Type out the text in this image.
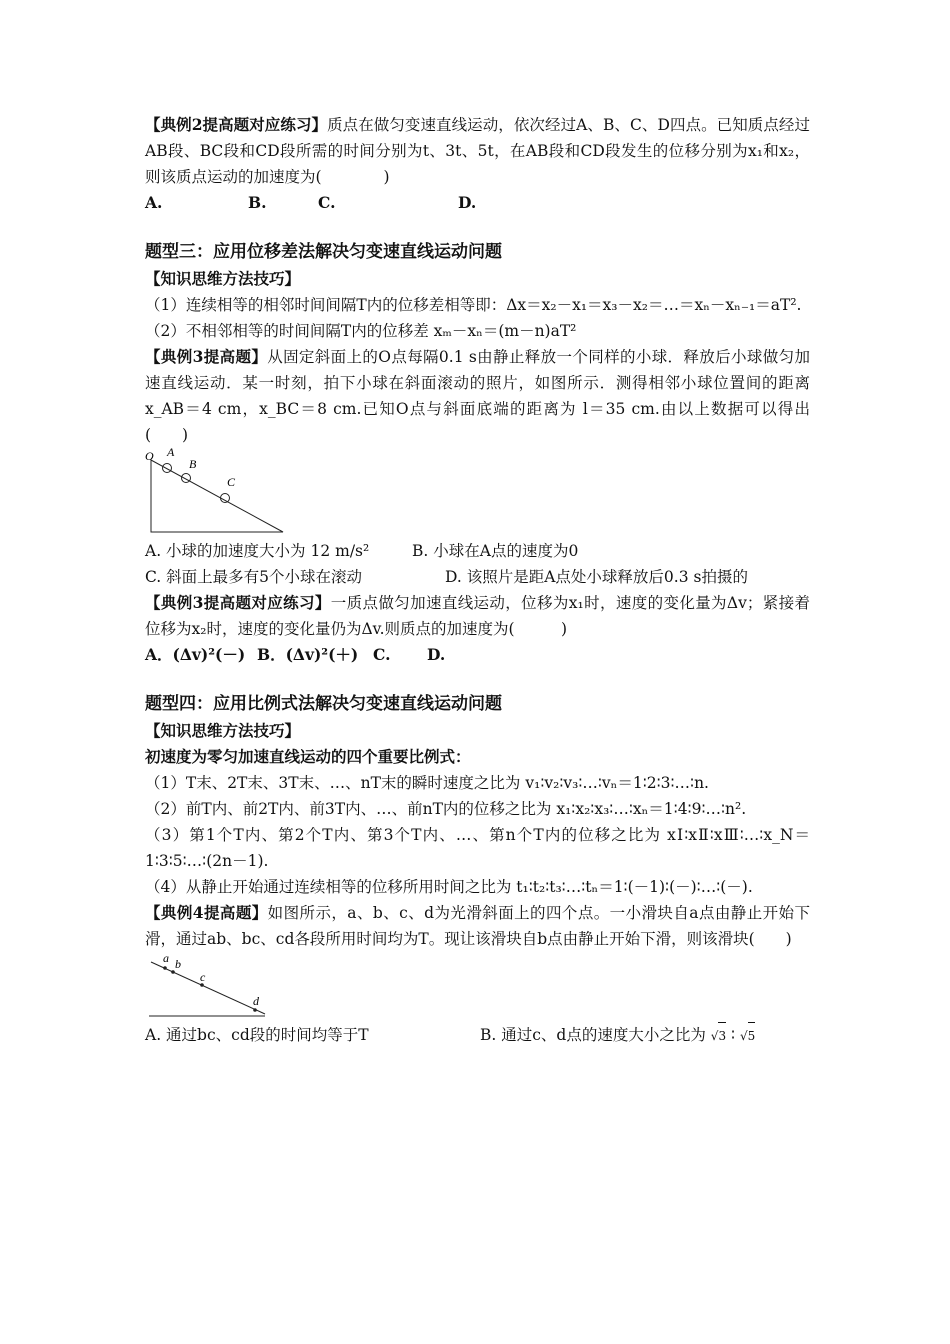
【典例2提高题对应练习】质点在做匀变速直线运动，依次经过A、B、C、D四点。已知质点经过AB段、BC段和CD段所需的时间分别为t、3t、5t，在AB段和CD段发生的位移分别为x₁和x₂，则该质点运动的加速度为(　　　　)

A.	B.	C.	D.

题型三：应用位移差法解决匀变速直线运动问题

【知识思维方法技巧】

（1）连续相等的相邻时间间隔T内的位移差相等即：Δx＝x₂－x₁＝x₃－x₂＝…＝xₙ－xₙ₋₁＝aT².

（2）不相邻相等的时间间隔T内的位移差 xₘ－xₙ＝(m－n)aT²

【典例3提高题】从固定斜面上的O点每隔0.1 s由静止释放一个同样的小球．释放后小球做匀加速直线运动．某一时刻，拍下小球在斜面滚动的照片，如图所示．测得相邻小球位置间的距离 x_AB＝4 cm，x_BC＝8 cm.已知O点与斜面底端的距离为 l＝35 cm.由以上数据可以得出(　　)

O A
B
C
A. 小球的加速度大小为 12 m/s²	B. 小球在A点的速度为0
C. 斜面上最多有5个小球在滚动	D. 该照片是距A点处小球释放后0.3 s拍摄的

【典例3提高题对应练习】一质点做匀加速直线运动，位移为x₁时，速度的变化量为Δv；紧接着位移为x₂时，速度的变化量仍为Δv.则质点的加速度为(　　　)

A．(Δv)²(－) B．(Δv)²(＋) C.	D.

题型四：应用比例式法解决匀变速直线运动问题

【知识思维方法技巧】

初速度为零匀加速直线运动的四个重要比例式：

（1）T末、2T末、3T末、…、nT末的瞬时速度之比为 v₁∶v₂∶v₃∶…∶vₙ＝1∶2∶3∶…∶n.

（2）前T内、前2T内、前3T内、…、前nT内的位移之比为 x₁∶x₂∶x₃∶…∶xₙ＝1∶4∶9∶…∶n².

（3）第1个T内、第2个T内、第3个T内、…、第n个T内的位移之比为 xⅠ∶xⅡ∶xⅢ∶…∶x_N＝1∶3∶5∶…∶(2n－1).

（4）从静止开始通过连续相等的位移所用时间之比为 t₁∶t₂∶t₃∶…∶tₙ＝1∶(－1)∶(－)∶…∶(－).

【典例4提高题】如图所示，a、b、c、d为光滑斜面上的四个点。一小滑块自a点由静止开始下滑，通过ab、bc、cd各段所用时间均为T。现让该滑块自b点由静止开始下滑，则该滑块(　　)

a b
c
d
A. 通过bc、cd段的时间均等于T	B. 通过c、d点的速度大小之比为 √3 ∶ √5
